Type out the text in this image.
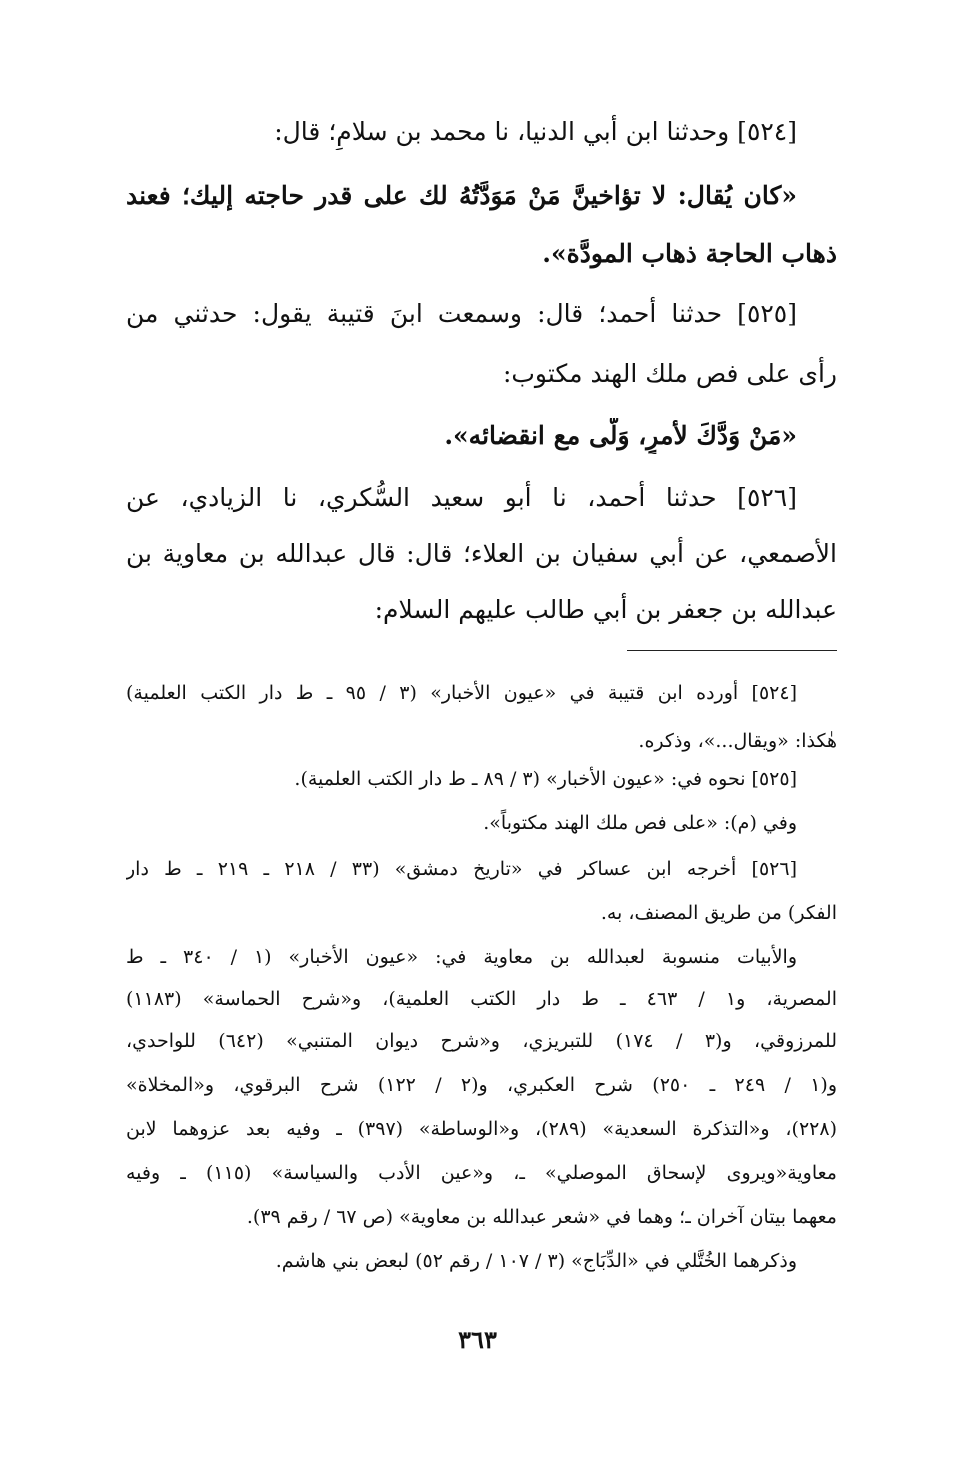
[٥٢٤] وحدثنا ابن أبي الدنيا، نا محمد بن سلامٍ؛ قال:
«كان يُقال: لا تؤاخينَّ مَنْ مَوَدَّتُهُ لك على قدر حاجته إليك؛ فعند
ذهاب الحاجة ذهاب المودَّة».
[٥٢٥] حدثنا أحمد؛ قال: وسمعت ابنَ قتيبة يقول: حدثني من
رأى على فص ملك الهند مكتوب:
«مَنْ وَدَّكَ لأمرٍ، وَلَّى مع انقضائه».
[٥٢٦] حدثنا أحمد، نا أبو سعيد السُّكري، نا الزيادي، عن
الأصمعي، عن أبي سفيان بن العلاء؛ قال: قال عبدالله بن معاوية بن
عبدالله بن جعفر بن أبي طالب عليهم السلام:
[٥٢٤] أورده ابن قتيبة في «عيون الأخبار» (٣ / ٩٥ ـ ط دار الكتب العلمية)
هٰكذا: «ويقال...»، وذكره.
[٥٢٥] نحوه في: «عيون الأخبار» (٣ / ٨٩ ـ ط دار الكتب العلمية).
وفي (م): «على فص ملك الهند مكتوباً».
[٥٢٦] أخرجه ابن عساكر في «تاريخ دمشق» (٣٣ / ٢١٨ ـ ٢١٩ ـ ط دار
الفكر) من طريق المصنف، به.
والأبيات منسوبة لعبدالله بن معاوية في: «عيون الأخبار» (١ / ٣٤٠ ـ ط
المصرية، و١ / ٤٦٣ ـ ط دار الكتب العلمية)، و«شرح الحماسة» (١١٨٣)
للمرزوقي، و(٣ / ١٧٤) للتبريزي، و«شرح ديوان المتنبي» (٦٤٢) للواحدي،
و(١ / ٢٤٩ ـ ٢٥٠) شرح العكبري، و(٢ / ١٢٢) شرح البرقوي، و«المخلاة»
(٢٢٨)، و«التذكرة السعدية» (٢٨٩)، و«الوساطة» (٣٩٧) ـ وفيه بعد عزوهما لابن
معاوية«ويروى لإسحاق الموصلي» ـ، و«عين الأدب والسياسة» (١١٥) ـ وفيه
معهما بيتان آخران ـ؛ وهما في «شعر عبدالله بن معاوية» (ص ٦٧ / رقم ٣٩).
وذكرهما الخُتَّلي في «الدِّبَاج» (٣ / ١٠٧ / رقم ٥٢) لبعض بني هاشم.
٣٦٣
